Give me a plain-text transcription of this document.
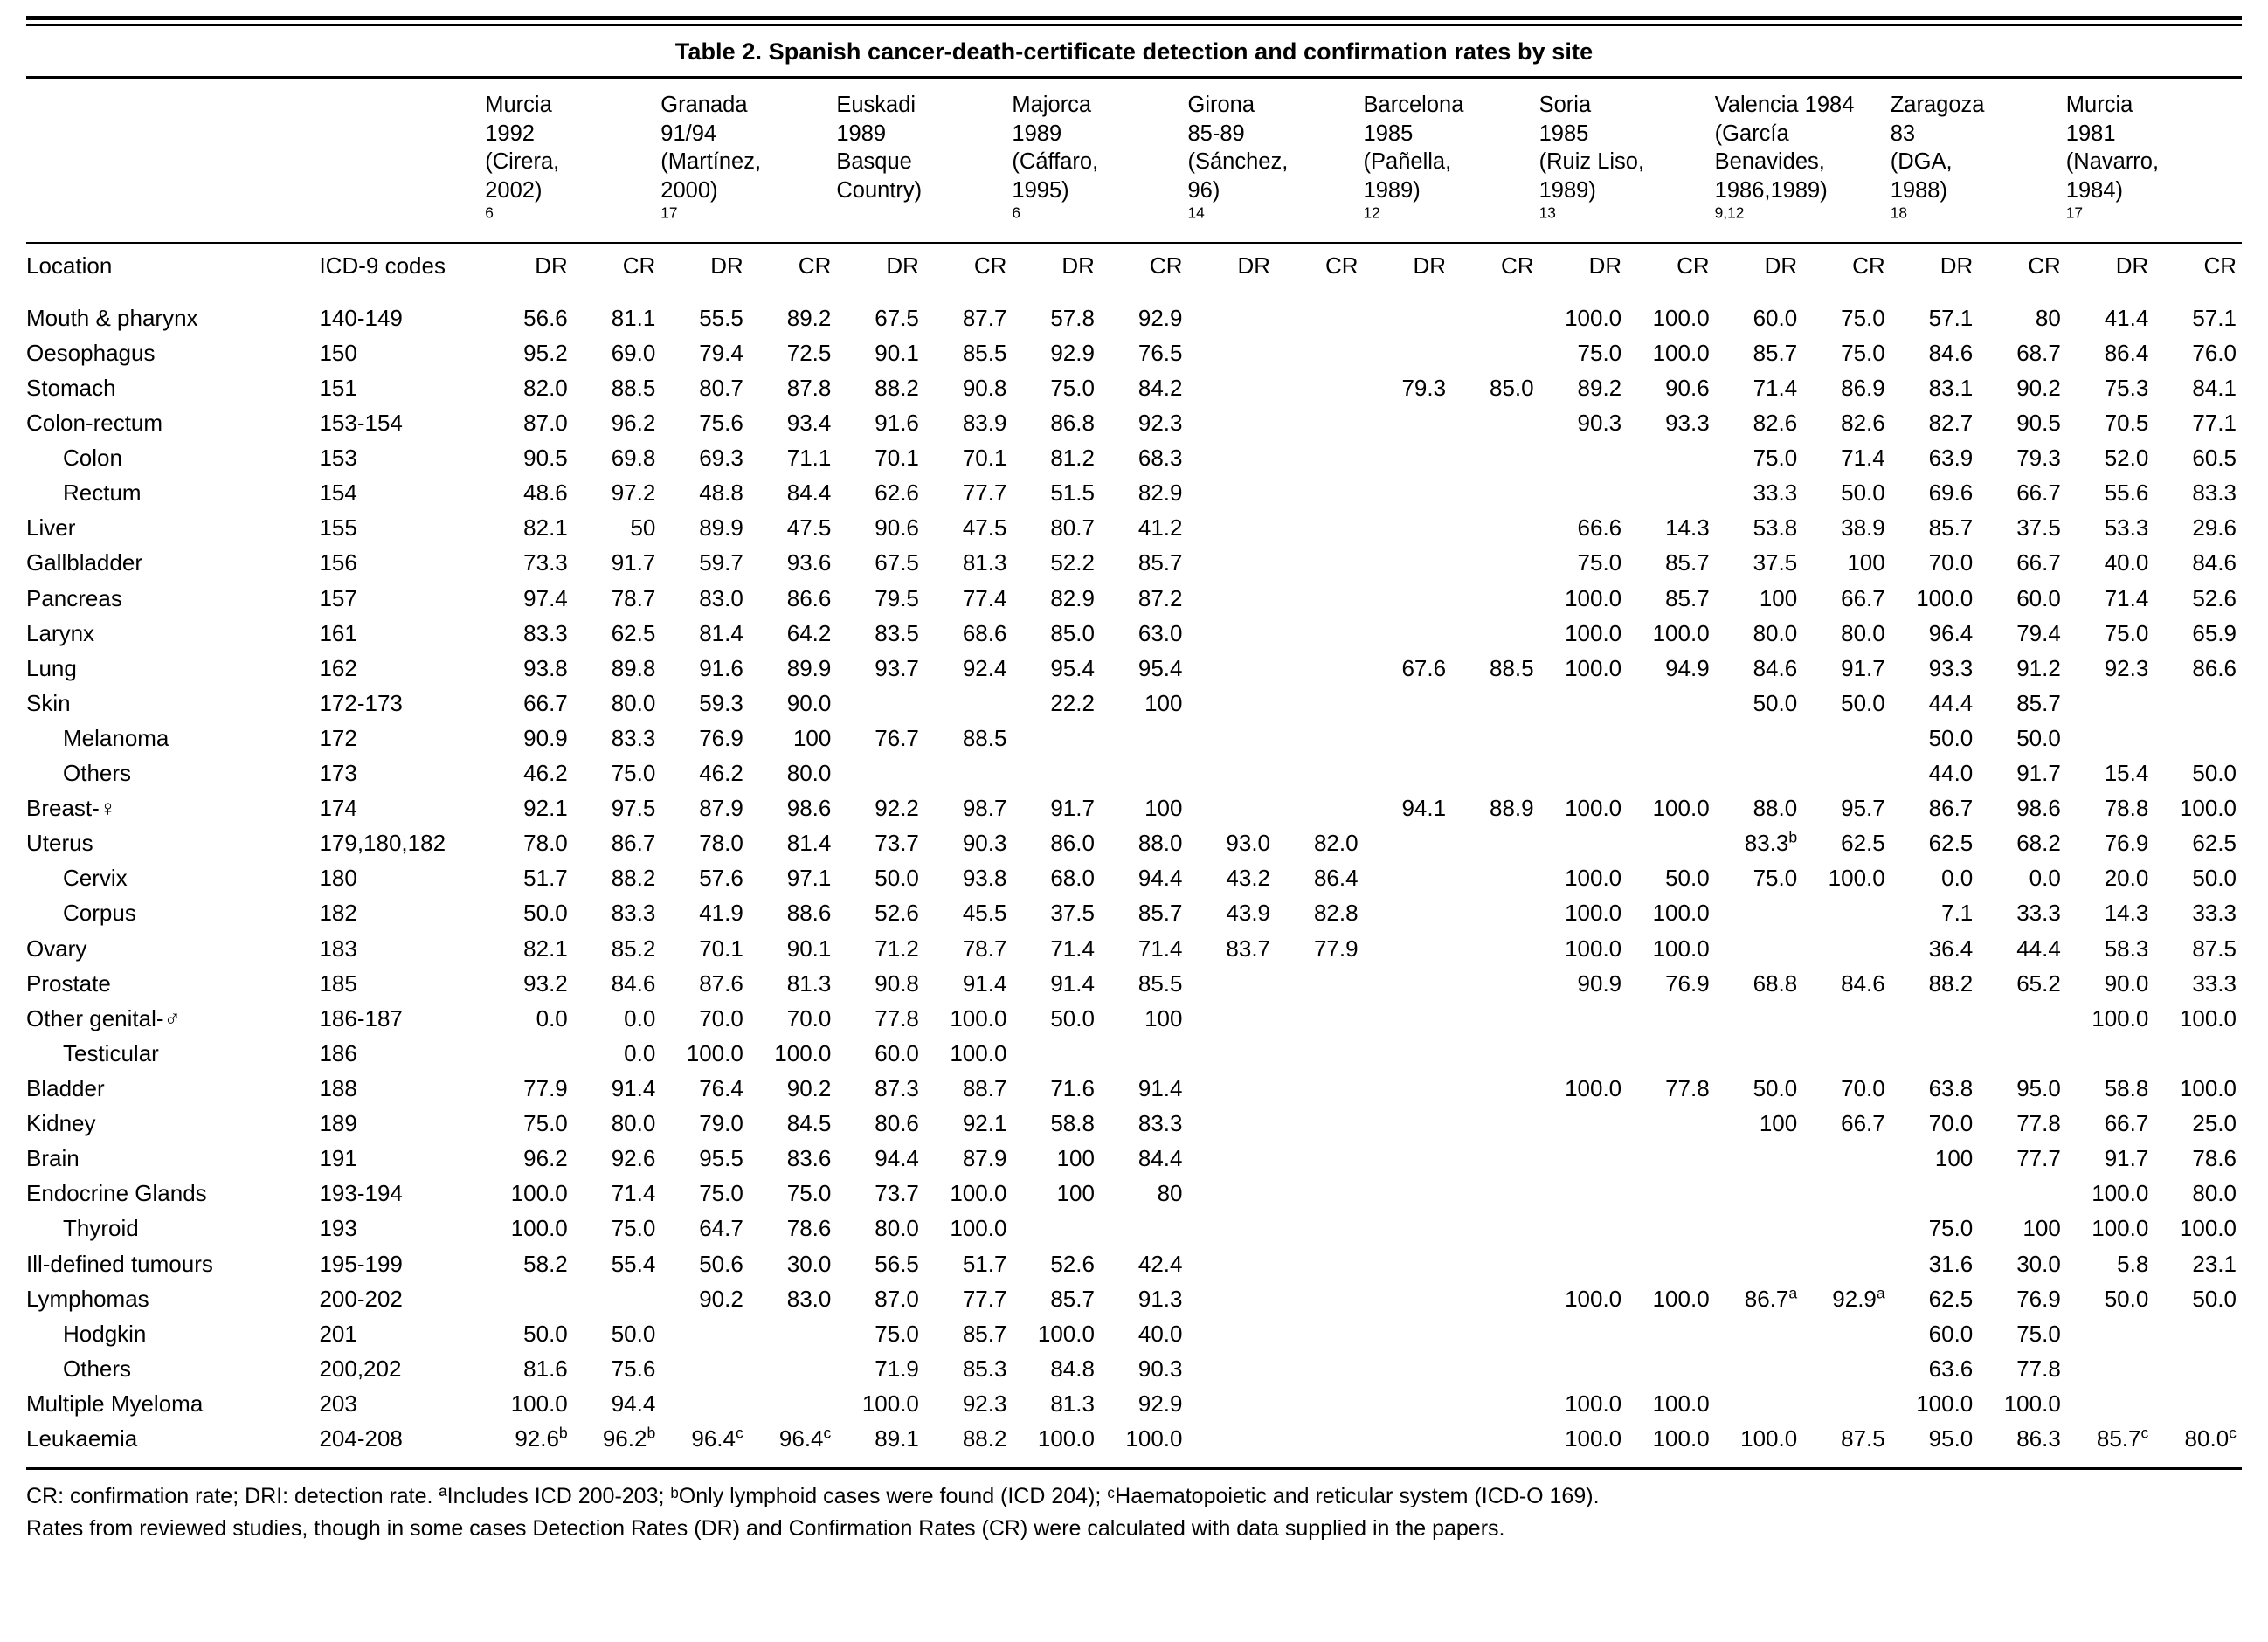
Table 2. Spanish cancer-death-certificate detection and confirmation rates by site

		Murcia
1992
(Cirera,
2002)
$^6$		Granada
91/94
(Martínez,
2000)
$^{17}$		Euskadi
1989
Basque
Country)		Majorca
1989
(Cáffaro,
1995)
$^6$		Girona
85-89
(Sánchez,
96)
$^{14}$		Barcelona
1985
(Pañella,
1989)
$^{12}$		Soria
1985
(Ruiz Liso,
1989)
$^{13}$		Valencia 1984
(García
Benavides,
1986,1989)
$^{9,12}$		Zaragoza
83
(DGA,
1988)
$^{18}$		Murcia
1981
(Navarro,
1984)
$^{17}$

Location	ICD-9 codes	DR	CR	DR	CR	DR	CR	DR	CR	DR	CR	DR	CR	DR	CR	DR	CR	DR	CR	DR	CR

Mouth & pharynx	140-149	56.6	81.1	55.5	89.2	67.5	87.7	57.8	92.9					100.0	100.0	60.0	75.0	57.1	80	41.4	57.1
Oesophagus	150	95.2	69.0	79.4	72.5	90.1	85.5	92.9	76.5					75.0	100.0	85.7	75.0	84.6	68.7	86.4	76.0
Stomach	151	82.0	88.5	80.7	87.8	88.2	90.8	75.0	84.2			79.3	85.0	89.2	90.6	71.4	86.9	83.1	90.2	75.3	84.1
Colon-rectum	153-154	87.0	96.2	75.6	93.4	91.6	83.9	86.8	92.3					90.3	93.3	82.6	82.6	82.7	90.5	70.5	77.1
Colon	153	90.5	69.8	69.3	71.1	70.1	70.1	81.2	68.3							75.0	71.4	63.9	79.3	52.0	60.5
Rectum	154	48.6	97.2	48.8	84.4	62.6	77.7	51.5	82.9							33.3	50.0	69.6	66.7	55.6	83.3
Liver	155	82.1	50	89.9	47.5	90.6	47.5	80.7	41.2					66.6	14.3	53.8	38.9	85.7	37.5	53.3	29.6
Gallbladder	156	73.3	91.7	59.7	93.6	67.5	81.3	52.2	85.7					75.0	85.7	37.5	100	70.0	66.7	40.0	84.6
Pancreas	157	97.4	78.7	83.0	86.6	79.5	77.4	82.9	87.2					100.0	85.7	100	66.7	100.0	60.0	71.4	52.6
Larynx	161	83.3	62.5	81.4	64.2	83.5	68.6	85.0	63.0					100.0	100.0	80.0	80.0	96.4	79.4	75.0	65.9
Lung	162	93.8	89.8	91.6	89.9	93.7	92.4	95.4	95.4			67.6	88.5	100.0	94.9	84.6	91.7	93.3	91.2	92.3	86.6
Skin	172-173	66.7	80.0	59.3	90.0			22.2	100							50.0	50.0	44.4	85.7		
Melanoma	172	90.9	83.3	76.9	100	76.7	88.5											50.0	50.0		
Others	173	46.2	75.0	46.2	80.0													44.0	91.7	15.4	50.0
Breast-♀	174	92.1	97.5	87.9	98.6	92.2	98.7	91.7	100			94.1	88.9	100.0	100.0	88.0	95.7	86.7	98.6	78.8	100.0
Uterus	179,180,182	78.0	86.7	78.0	81.4	73.7	90.3	86.0	88.0	93.0	82.0					83.3$^b$	62.5	62.5	68.2	76.9	62.5
Cervix	180	51.7	88.2	57.6	97.1	50.0	93.8	68.0	94.4	43.2	86.4			100.0	50.0	75.0	100.0	0.0	0.0	20.0	50.0
Corpus	182	50.0	83.3	41.9	88.6	52.6	45.5	37.5	85.7	43.9	82.8			100.0	100.0			7.1	33.3	14.3	33.3
Ovary	183	82.1	85.2	70.1	90.1	71.2	78.7	71.4	71.4	83.7	77.9			100.0	100.0			36.4	44.4	58.3	87.5
Prostate	185	93.2	84.6	87.6	81.3	90.8	91.4	91.4	85.5					90.9	76.9	68.8	84.6	88.2	65.2	90.0	33.3
Other genital-♂	186-187	0.0	0.0	70.0	70.0	77.8	100.0	50.0	100											100.0	100.0
Testicular	186		0.0	100.0	100.0	60.0	100.0														
Bladder	188	77.9	91.4	76.4	90.2	87.3	88.7	71.6	91.4					100.0	77.8	50.0	70.0	63.8	95.0	58.8	100.0
Kidney	189	75.0	80.0	79.0	84.5	80.6	92.1	58.8	83.3							100	66.7	70.0	77.8	66.7	25.0
Brain	191	96.2	92.6	95.5	83.6	94.4	87.9	100	84.4									100	77.7	91.7	78.6
Endocrine Glands	193-194	100.0	71.4	75.0	75.0	73.7	100.0	100	80											100.0	80.0
Thyroid	193	100.0	75.0	64.7	78.6	80.0	100.0											75.0	100	100.0	100.0
Ill-defined tumours	195-199	58.2	55.4	50.6	30.0	56.5	51.7	52.6	42.4									31.6	30.0	5.8	23.1
Lymphomas	200-202			90.2	83.0	87.0	77.7	85.7	91.3					100.0	100.0	86.7$^a$	92.9$^a$	62.5	76.9	50.0	50.0
Hodgkin	201	50.0	50.0			75.0	85.7	100.0	40.0									60.0	75.0		
Others	200,202	81.6	75.6			71.9	85.3	84.8	90.3									63.6	77.8		
Multiple Myeloma	203	100.0	94.4			100.0	92.3	81.3	92.9					100.0	100.0			100.0	100.0		
Leukaemia	204-208	92.6$^b$	96.2$^b$	96.4$^c$	96.4$^c$	89.1	88.2	100.0	100.0					100.0	100.0	100.0	87.5	95.0	86.3	85.7$^c$	80.0$^c$

CR: confirmation rate; DRI: detection rate. ªIncludes ICD 200-203; ᵇOnly lymphoid cases were found (ICD 204); ᶜHaematopoietic and reticular system (ICD-O 169).
Rates from reviewed studies, though in some cases Detection Rates (DR) and Confirmation Rates (CR) were calculated with data supplied in the papers.
